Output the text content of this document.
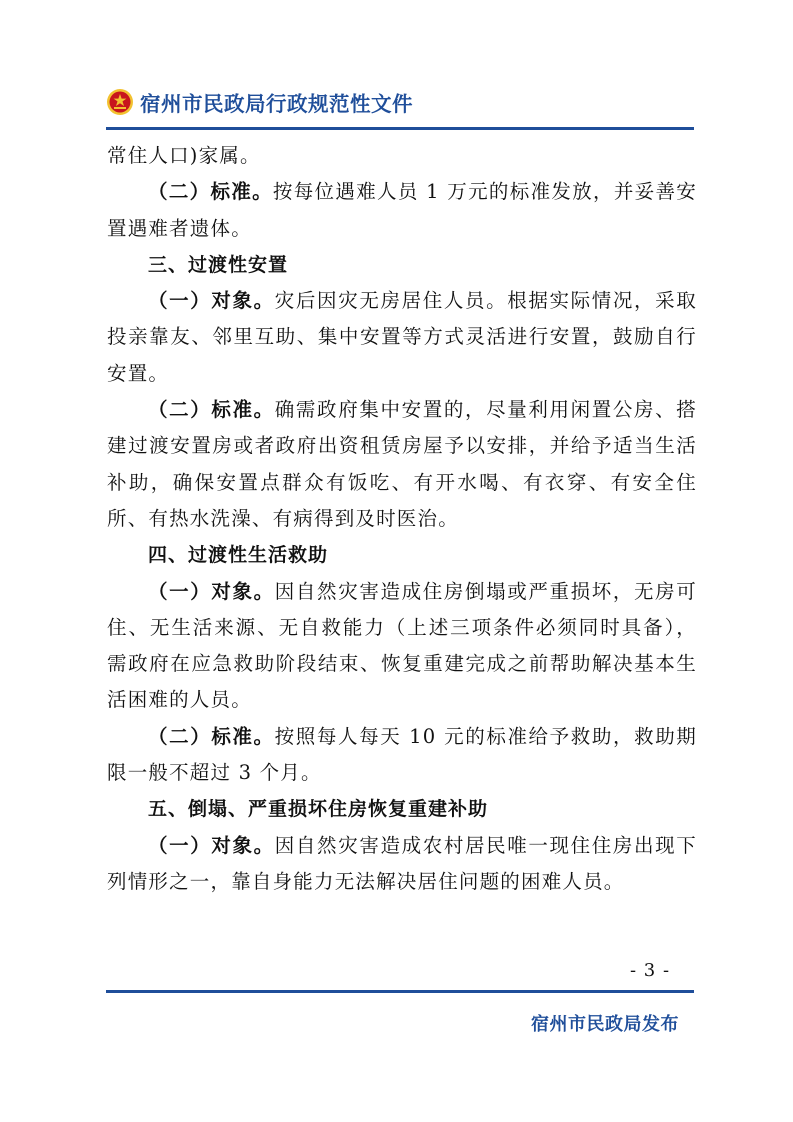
宿州市民政局行政规范性文件

常住人口)家属。

（二）标准。按每位遇难人员 1 万元的标准发放，并妥善安置遇难者遗体。

三、过渡性安置

（一）对象。灾后因灾无房居住人员。根据实际情况，采取投亲靠友、邻里互助、集中安置等方式灵活进行安置，鼓励自行安置。

（二）标准。确需政府集中安置的，尽量利用闲置公房、搭建过渡安置房或者政府出资租赁房屋予以安排，并给予适当生活补助，确保安置点群众有饭吃、有开水喝、有衣穿、有安全住所、有热水洗澡、有病得到及时医治。

四、过渡性生活救助

（一）对象。因自然灾害造成住房倒塌或严重损坏，无房可住、无生活来源、无自救能力（上述三项条件必须同时具备），需政府在应急救助阶段结束、恢复重建完成之前帮助解决基本生活困难的人员。

（二）标准。按照每人每天 10 元的标准给予救助，救助期限一般不超过 3 个月。

五、倒塌、严重损坏住房恢复重建补助

（一）对象。因自然灾害造成农村居民唯一现住住房出现下列情形之一，靠自身能力无法解决居住问题的困难人员。

- 3 -
宿州市民政局发布
